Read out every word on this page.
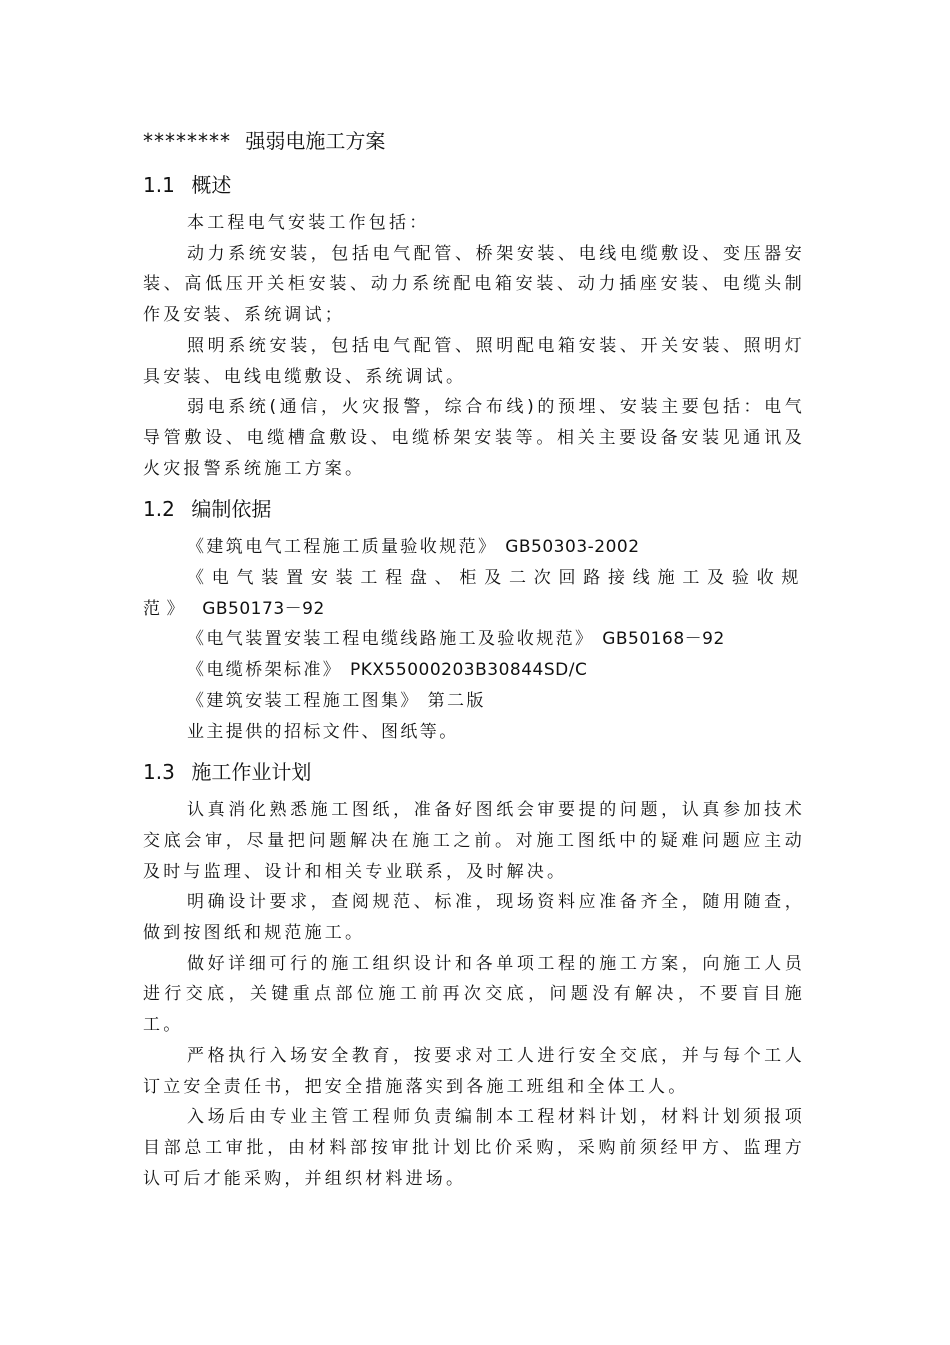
******** 强弱电施工方案
1.1 概述

本工程电气安装工作包括：

动力系统安装，包括电气配管、桥架安装、电线电缆敷设、变压器安装、高低压开关柜安装、动力系统配电箱安装、动力插座安装、电缆头制作及安装、系统调试；

照明系统安装，包括电气配管、照明配电箱安装、开关安装、照明灯具安装、电线电缆敷设、系统调试。

弱电系统(通信，火灾报警，综合布线)的预埋、安装主要包括：电气导管敷设、电缆槽盒敷设、电缆桥架安装等。相关主要设备安装见通讯及火灾报警系统施工方案。

1.2 编制依据

《建筑电气工程施工质量验收规范》 GB50303-2002

《电气装置安装工程盘、柜及二次回路接线施工及验收规范》 GB50173－92

《电气装置安装工程电缆线路施工及验收规范》 GB50168－92

《电缆桥架标准》 PKX55000203B30844SD/C

《建筑安装工程施工图集》 第二版

业主提供的招标文件、图纸等。

1.3 施工作业计划

认真消化熟悉施工图纸，准备好图纸会审要提的问题，认真参加技术交底会审，尽量把问题解决在施工之前。对施工图纸中的疑难问题应主动及时与监理、设计和相关专业联系，及时解决。

明确设计要求，查阅规范、标准，现场资料应准备齐全，随用随查，做到按图纸和规范施工。

做好详细可行的施工组织设计和各单项工程的施工方案，向施工人员进行交底，关键重点部位施工前再次交底，问题没有解决，不要盲目施工。

严格执行入场安全教育，按要求对工人进行安全交底，并与每个工人订立安全责任书，把安全措施落实到各施工班组和全体工人。

入场后由专业主管工程师负责编制本工程材料计划，材料计划须报项目部总工审批，由材料部按审批计划比价采购，采购前须经甲方、监理方认可后才能采购，并组织材料进场。
